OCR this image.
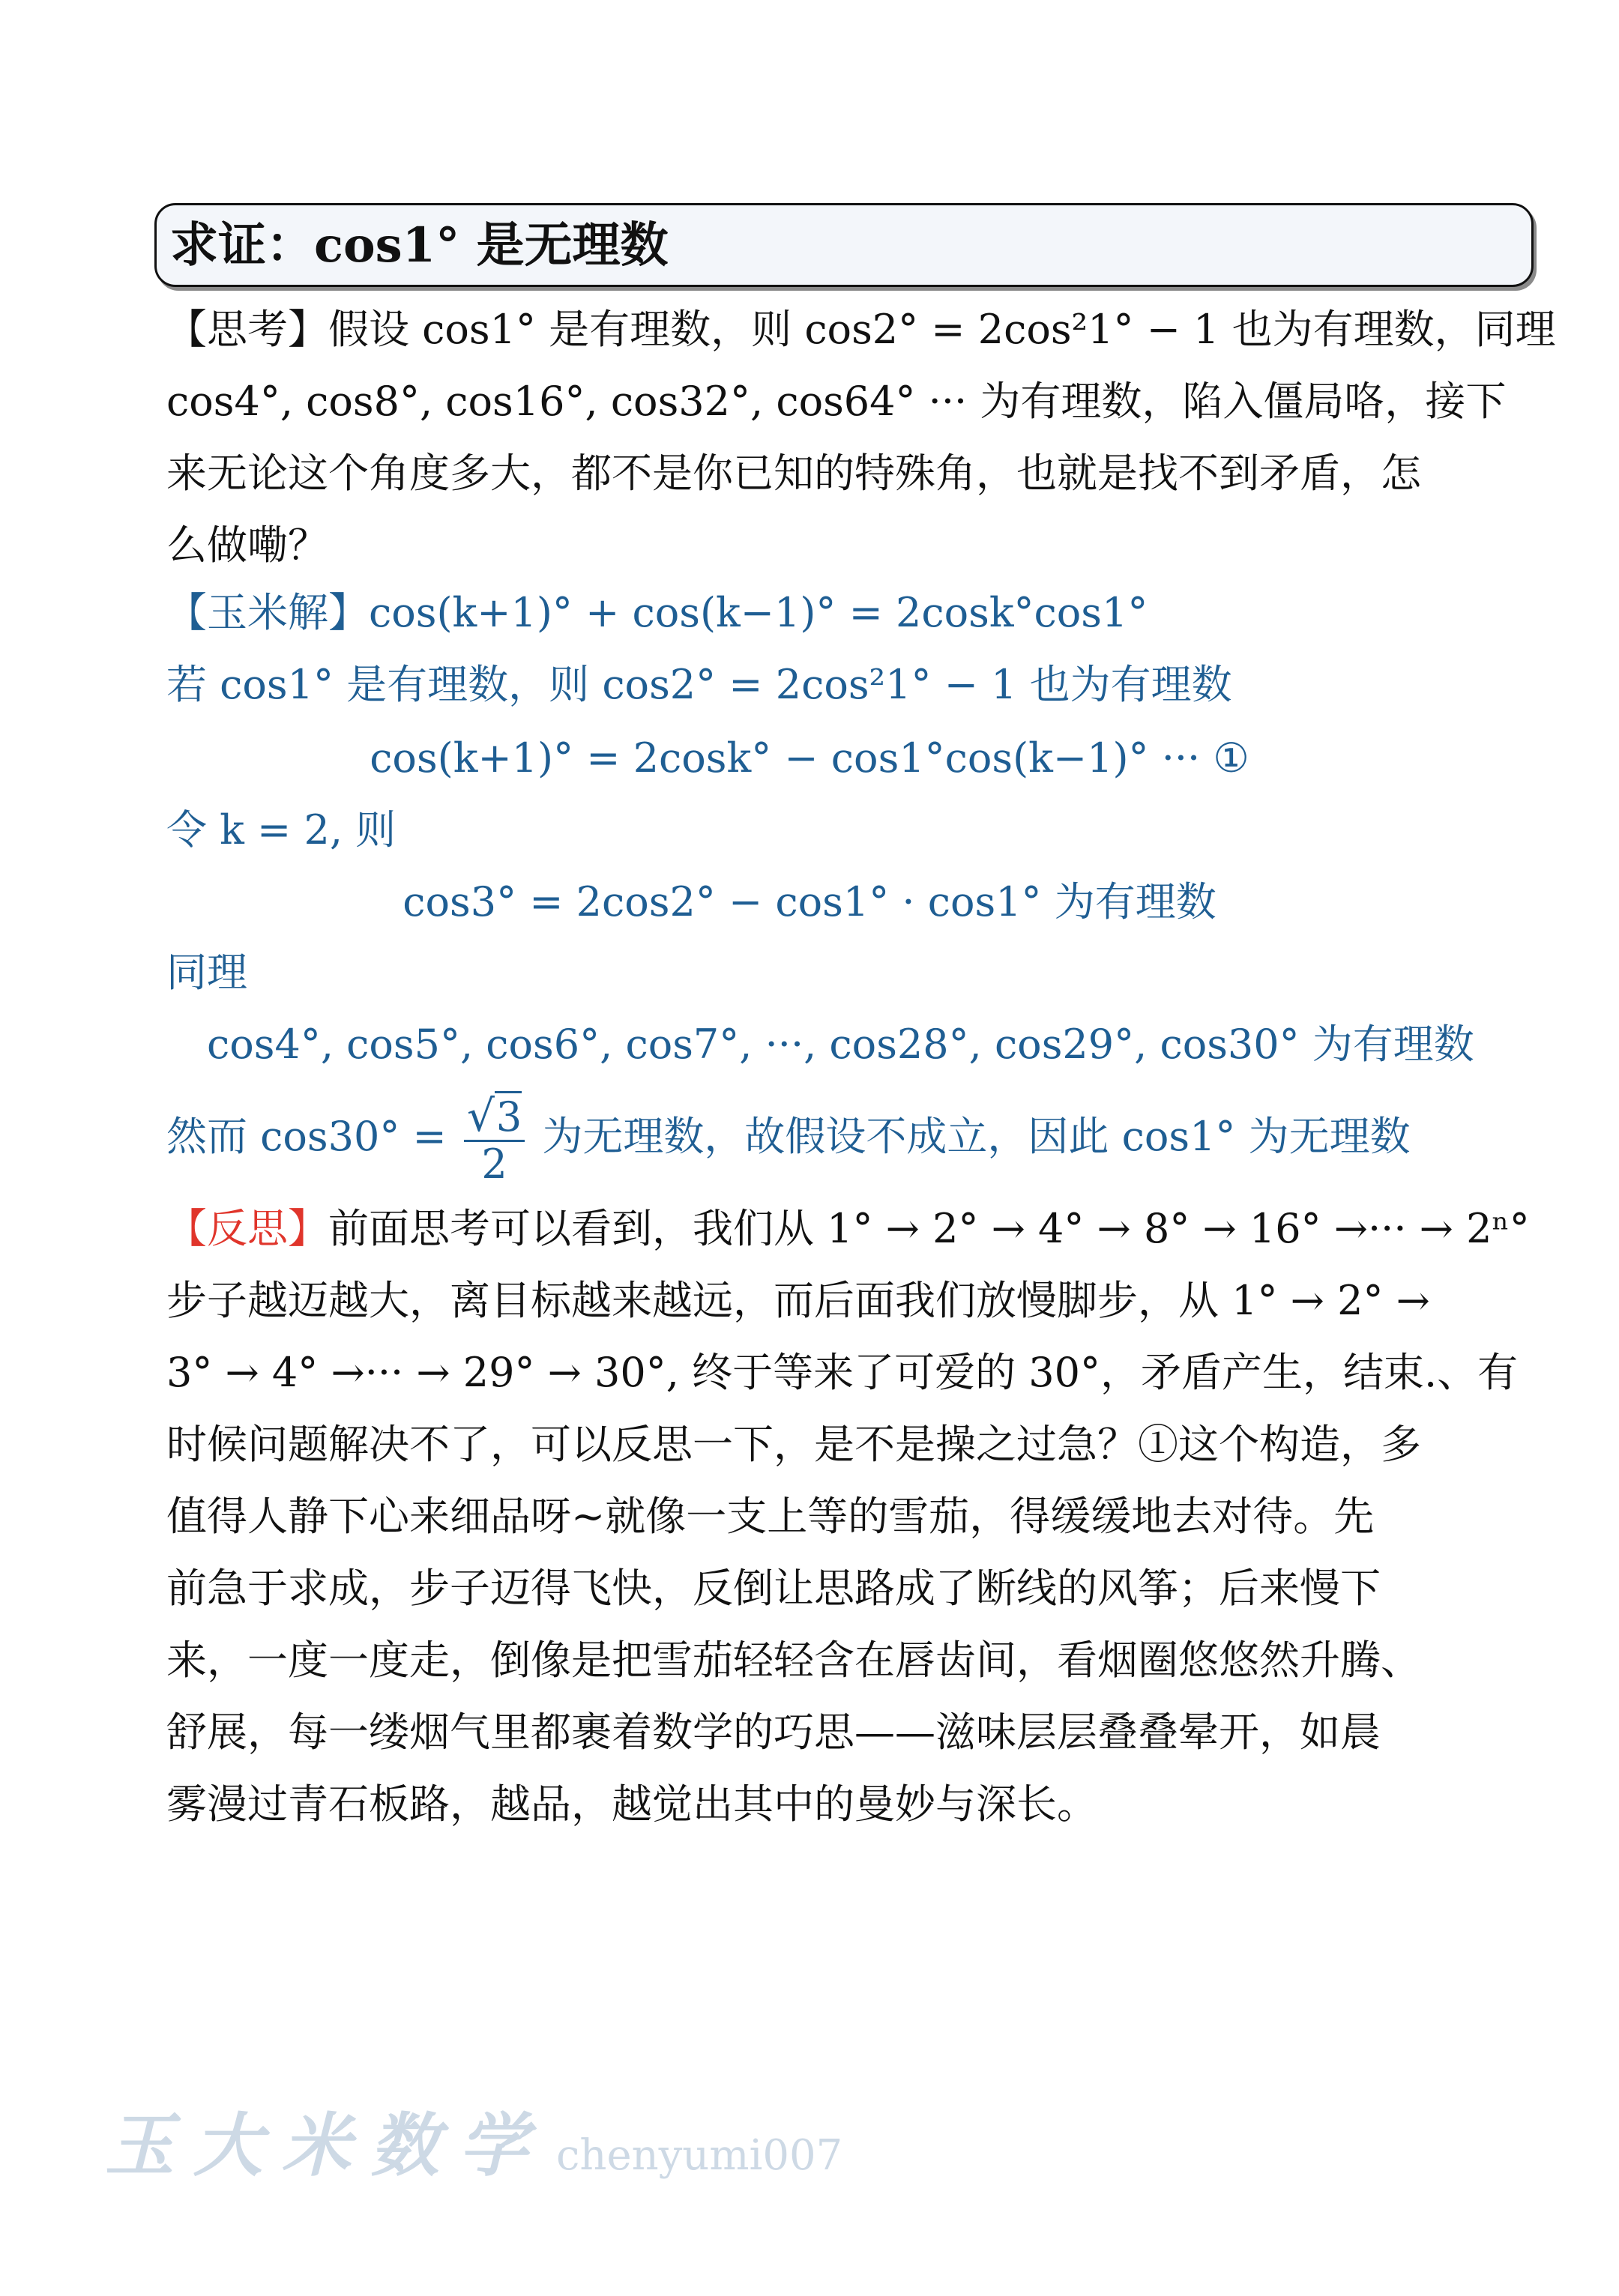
求证：cos1° 是无理数
【思考】假设 cos1° 是有理数，则 cos2° = 2cos²1° − 1 也为有理数，同理
cos4°, cos8°, cos16°, cos32°, cos64° ··· 为有理数，陷入僵局咯，接下
来无论这个角度多大，都不是你已知的特殊角，也就是找不到矛盾，怎
么做嘞？
【玉米解】cos(k+1)° + cos(k−1)° = 2cosk°cos1°
若 cos1° 是有理数，则 cos2° = 2cos²1° − 1 也为有理数
cos(k+1)° = 2cosk° − cos1°cos(k−1)° ··· ①
令 k = 2, 则
cos3° = 2cos2° − cos1° · cos1° 为有理数
同理
cos4°, cos5°, cos6°, cos7°, ···, cos28°, cos29°, cos30° 为有理数
然而 $\cos 30^\circ = \frac{√3}{2}$ 为无理数，故假设不成立，因此 cos1° 为无理数
【反思】前面思考可以看到，我们从 1° → 2° → 4° → 8° → 16° →··· → 2ⁿ°
步子越迈越大，离目标越来越远，而后面我们放慢脚步，从 1° → 2° →
3° → 4° →··· → 29° → 30°, 终于等来了可爱的 30°，矛盾产生，结束.、有
时候问题解决不了，可以反思一下，是不是操之过急？①这个构造，多
值得人静下心来细品呀~就像一支上等的雪茄，得缓缓地去对待。先
前急于求成，步子迈得飞快，反倒让思路成了断线的风筝；后来慢下
来，一度一度走，倒像是把雪茄轻轻含在唇齿间，看烟圈悠悠然升腾、
舒展，每一缕烟气里都裹着数学的巧思——滋味层层叠叠晕开，如晨
雾漫过青石板路，越品，越觉出其中的曼妙与深长。
玉大米数学 chenyumi007
